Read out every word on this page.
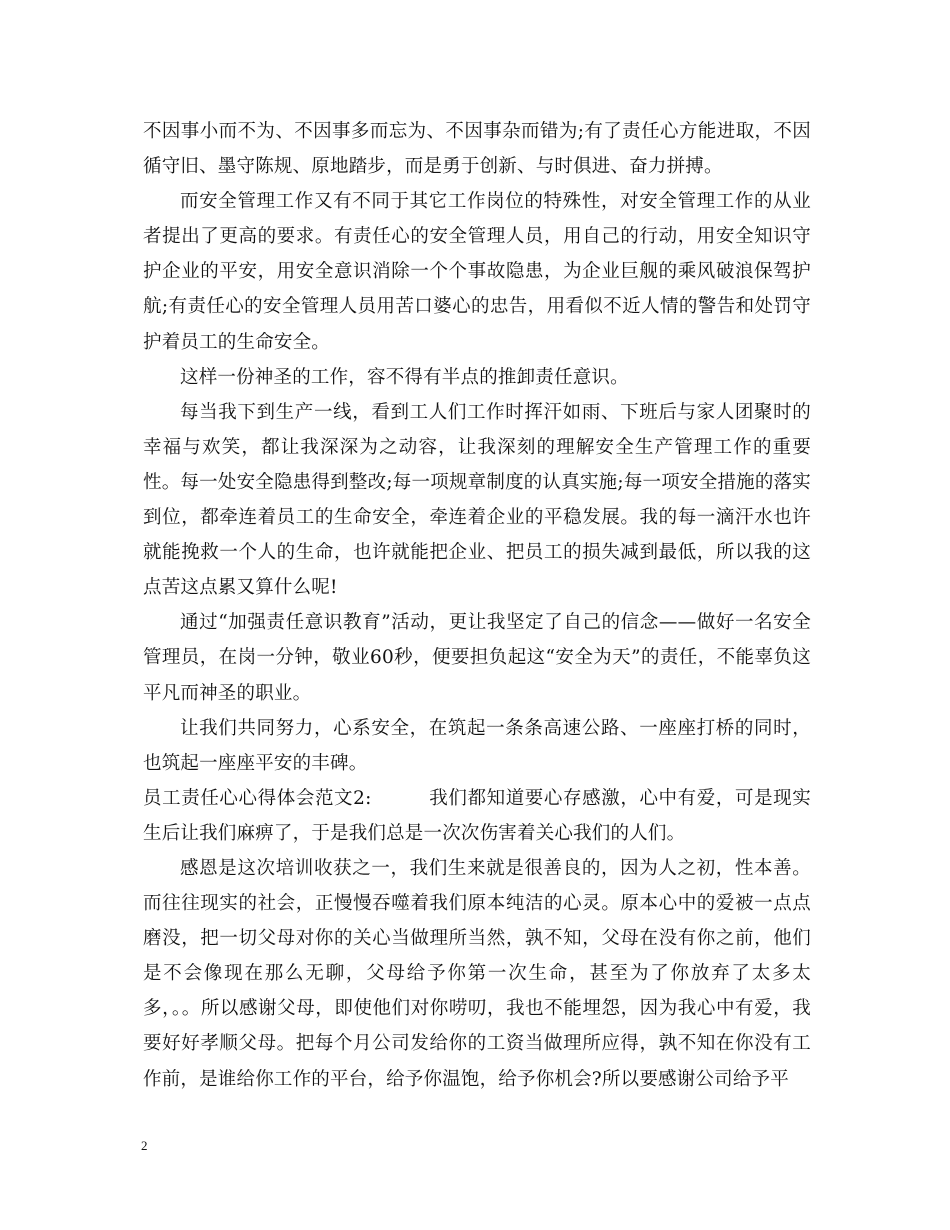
不因事小而不为、不因事多而忘为、不因事杂而错为;有了责任心方能进取，不因循守旧、墨守陈规、原地踏步，而是勇于创新、与时俱进、奋力拼搏。

而安全管理工作又有不同于其它工作岗位的特殊性，对安全管理工作的从业者提出了更高的要求。有责任心的安全管理人员，用自己的行动，用安全知识守护企业的平安，用安全意识消除一个个事故隐患，为企业巨舰的乘风破浪保驾护航;有责任心的安全管理人员用苦口婆心的忠告，用看似不近人情的警告和处罚守护着员工的生命安全。

这样一份神圣的工作，容不得有半点的推卸责任意识。

每当我下到生产一线，看到工人们工作时挥汗如雨、下班后与家人团聚时的幸福与欢笑，都让我深深为之动容，让我深刻的理解安全生产管理工作的重要性。每一处安全隐患得到整改;每一项规章制度的认真实施;每一项安全措施的落实到位，都牵连着员工的生命安全，牵连着企业的平稳发展。我的每一滴汗水也许就能挽救一个人的生命，也许就能把企业、把员工的损失减到最低，所以我的这点苦这点累又算什么呢!

通过“加强责任意识教育”活动，更让我坚定了自己的信念——做好一名安全管理员，在岗一分钟，敬业60秒，便要担负起这“安全为天”的责任，不能辜负这平凡而神圣的职业。

让我们共同努力，心系安全，在筑起一条条高速公路、一座座打桥的同时，也筑起一座座平安的丰碑。

员工责任心心得体会范文2:　　　我们都知道要心存感激，心中有爱，可是现实生后让我们麻痹了，于是我们总是一次次伤害着关心我们的人们。

感恩是这次培训收获之一，我们生来就是很善良的，因为人之初，性本善。而往往现实的社会，正慢慢吞噬着我们原本纯洁的心灵。原本心中的爱被一点点磨没，把一切父母对你的关心当做理所当然，孰不知，父母在没有你之前，他们是不会像现在那么无聊，父母给予你第一次生命，甚至为了你放弃了太多太多，。。所以感谢父母，即使他们对你唠叨，我也不能埋怨，因为我心中有爱，我要好好孝顺父母。把每个月公司发给你的工资当做理所应得，孰不知在你没有工作前，是谁给你工作的平台，给予你温饱，给予你机会?所以要感谢公司给予平

2
